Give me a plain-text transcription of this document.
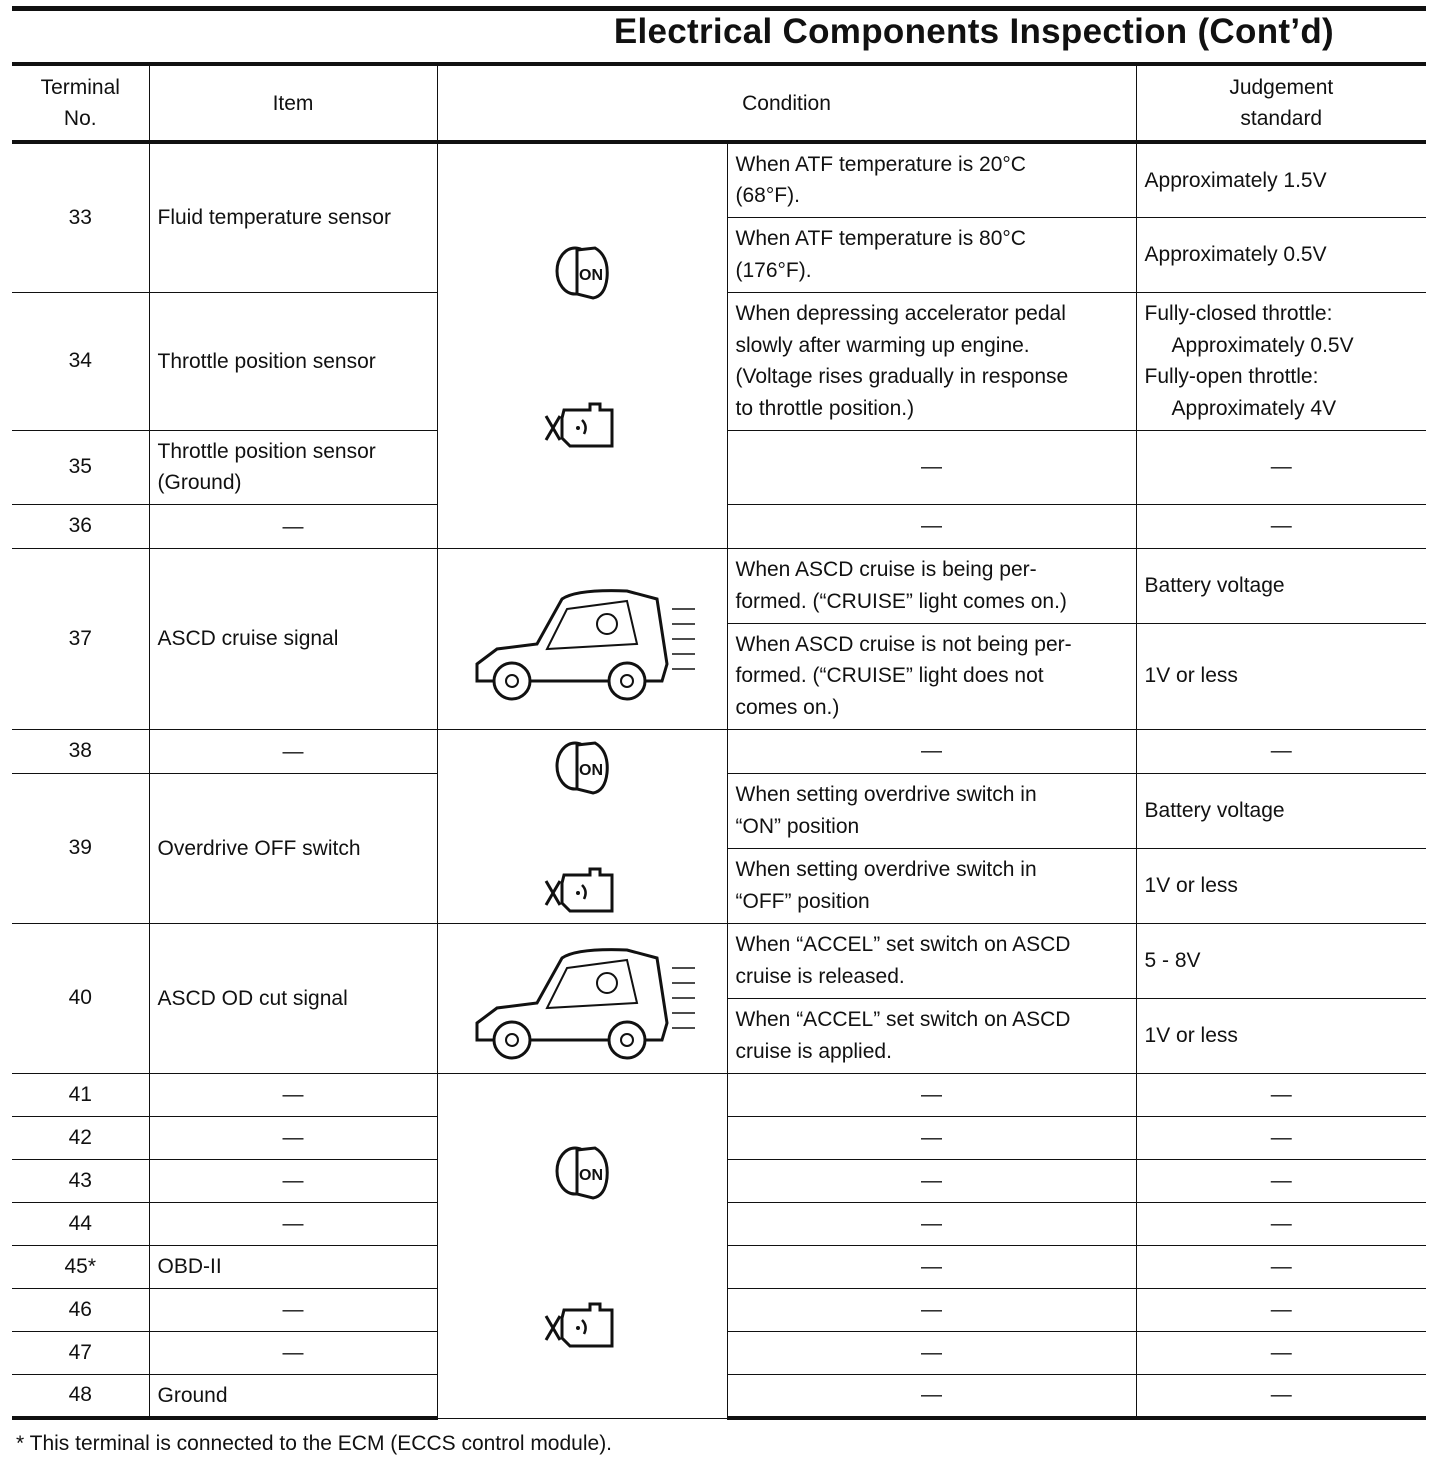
Electrical Components Inspection (Cont’d)
Terminal
No.	Item	Condition		Judgement
standard
33	Fluid temperature sensor	ON	When ATF temperature is 20°C
(68°F).	Approximately 1.5V
			When ATF temperature is 80°C
(176°F).	Approximately 0.5V
34	Throttle position sensor		When depressing accelerator pedal
slowly after warming up engine.
(Voltage rises gradually in response
to throttle position.)	Fully-closed throttle:
Approximately 0.5V
Fully-open throttle:
Approximately 4V

35	Throttle position sensor
(Ground)		—	—
36	—		—	—
37	ASCD cruise signal		When ASCD cruise is being per-
formed. (“CRUISE” light comes on.)	Battery voltage
			When ASCD cruise is not being per-
formed. (“CRUISE” light does not
comes on.)	1V or less
38	—	ON	—	—
39	Overdrive OFF switch		When setting overdrive switch in
“ON” position	Battery voltage
			When setting overdrive switch in
“OFF” position	1V or less
40	ASCD OD cut signal		When “ACCEL” set switch on ASCD
cruise is released.	5 - 8V
			When “ACCEL” set switch on ASCD
cruise is applied.	1V or less
41	—	ON	—	—
42	—		—	—
43	—		—	—
44	—		—	—
45*	OBD-II		—	—
46	—		—	—
47	—		—	—
48	Ground		—	—
* This terminal is connected to the ECM (ECCS control module).
